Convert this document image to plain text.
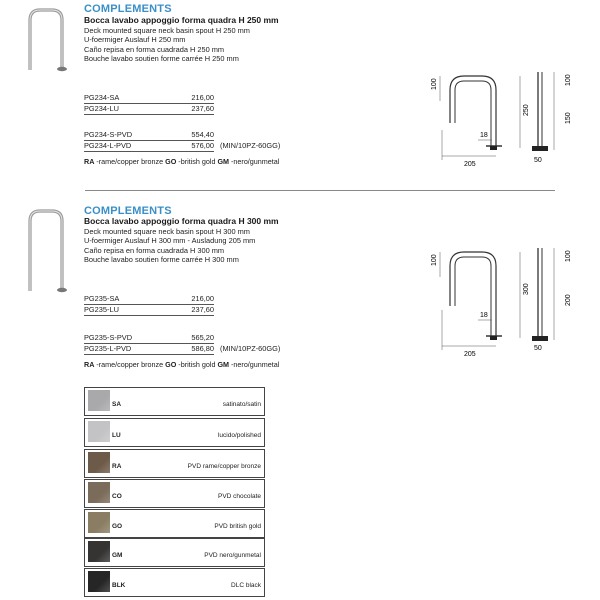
COMPLEMENTS
Bocca lavabo appoggio forma quadra H 250 mm
Deck mounted square neck basin spout H 250 mm
U-foermiger Auslauf H 250 mm
Caño repisa en forma cuadrada H 250 mm
Bouche lavabo soutien forme carrée H 250 mm
PG234-SA	216,00
PG234-LU	237,60
PG234-S-PVD	554,40
PG234-L-PVD	576,00 (MIN/10PZ-60GG)
RA -rame/copper bronze GO -british gold GM -nero/gunmetal
100
250
205
18
100
150
50
COMPLEMENTS
Bocca lavabo appoggio forma quadra H 300 mm
Deck mounted square neck basin spout H 300 mm
U-foermiger Auslauf H 300 mm - Ausladung 205 mm
Caño repisa en forma cuadrada H 300 mm
Bouche lavabo soutien forme carrée H 300 mm
PG235-SA	216,00
PG235-LU	237,60
PG235-S-PVD	565,20
PG235-L-PVD	586,80 (MIN/10PZ-60GG)
RA -rame/copper bronze GO -british gold GM -nero/gunmetal
100
300
205
18
100
200
50
SA	satinato/satin
LU	lucido/polished
RA	PVD rame/copper bronze
CO	PVD chocolate
GO	PVD british gold
GM	PVD nero/gunmetal
BLK	DLC black
